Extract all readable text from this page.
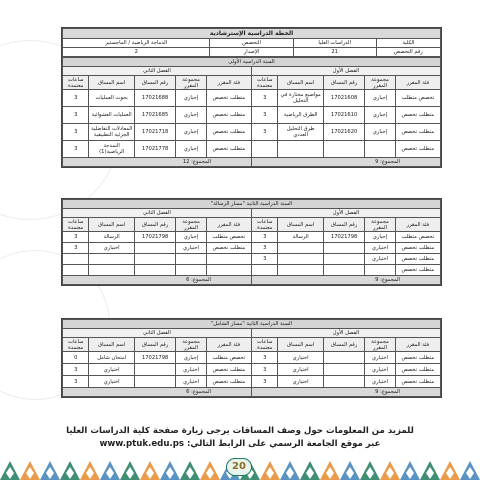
الخطة الدراسية الإسترشادية			
الكلية	الدراسات العليا	التخصص	الدماجة الرياضية / الماجستير
رقم التخصص	21	الإصدار	2
السنة الدراسية الأولى									
الفصل الأول					الفصل الثاني				
فئة المقرر	مجموعة المقرر	رقم المساق	اسم المساق	ساعات معتمدة	فئة المقرر	مجموعة المقرر	رقم المساق	اسم المساق	ساعات معتمدة
تخصص متطلب	إجباري	17021608	مواضيع مختارة في التحليل	3	متطلب تخصص	إجباري	17021688	بحوث العمليات	3
متطلب تخصص	إجباري	17021610	الطرق الرياضية	3	متطلب تخصص	إجباري	17021685	العمليات العشوائية	3
متطلب تخصص	إجباري	17021620	طرق التحليل العددي	3	متطلب تخصص	إجباري	17021718	المعادلات التفاضلية الجزئية التطبيقية	3
متطلب تخصص					متطلب تخصص	إجباري	17021778	النمذجة الرياضية(1)	3
المجموع: 9					المجموع: 12				
السنة الدراسية الثانية "مسار الرسالة"									
الفصل الأول					الفصل الثاني				
فئة المقرر	مجموعة المقرر	رقم المساق	اسم المساق	ساعات معتمدة	فئة المقرر	مجموعة المقرر	رقم المساق	اسم المساق	ساعات معتمدة
تخصص متطلب	إجباري	17021798	الرسالة	3	تخصص متطلب	إجباري	17021798	الرسالة	3
متطلب تخصص	اختياري			3	متطلب تخصص	اختياري		اختياري	3
متطلب تخصص	اختياري			3					
متطلب تخصص									
المجموع: 9					المجموع: 6				
السنة الدراسية الثانية "مسار الشامل"									
الفصل الأول					الفصل الثاني				
فئة المقرر	مجموعة المقرر	رقم المساق	اسم المساق	ساعات معتمدة	فئة المقرر	مجموعة المقرر	رقم المساق	اسم المساق	ساعات معتمدة
متطلب تخصص	اختياري		اختياري	3	تخصص متطلب	إجباري	17021798	امتحان شامل	0
متطلب تخصص	اختياري		اختياري	3	متطلب تخصص	اختياري		اختياري	3
متطلب تخصص	اختياري		اختياري	3	متطلب تخصص	اختياري		اختياري	3
المجموع: 9					المجموع: 6				
للمزيد من المعلومات حول وصف المساقات يرجى زيارة صفحة كلية الدراسات العليا
عبر موقع الجامعة الرسمي على الرابط التالي: www.ptuk.edu.ps
20
